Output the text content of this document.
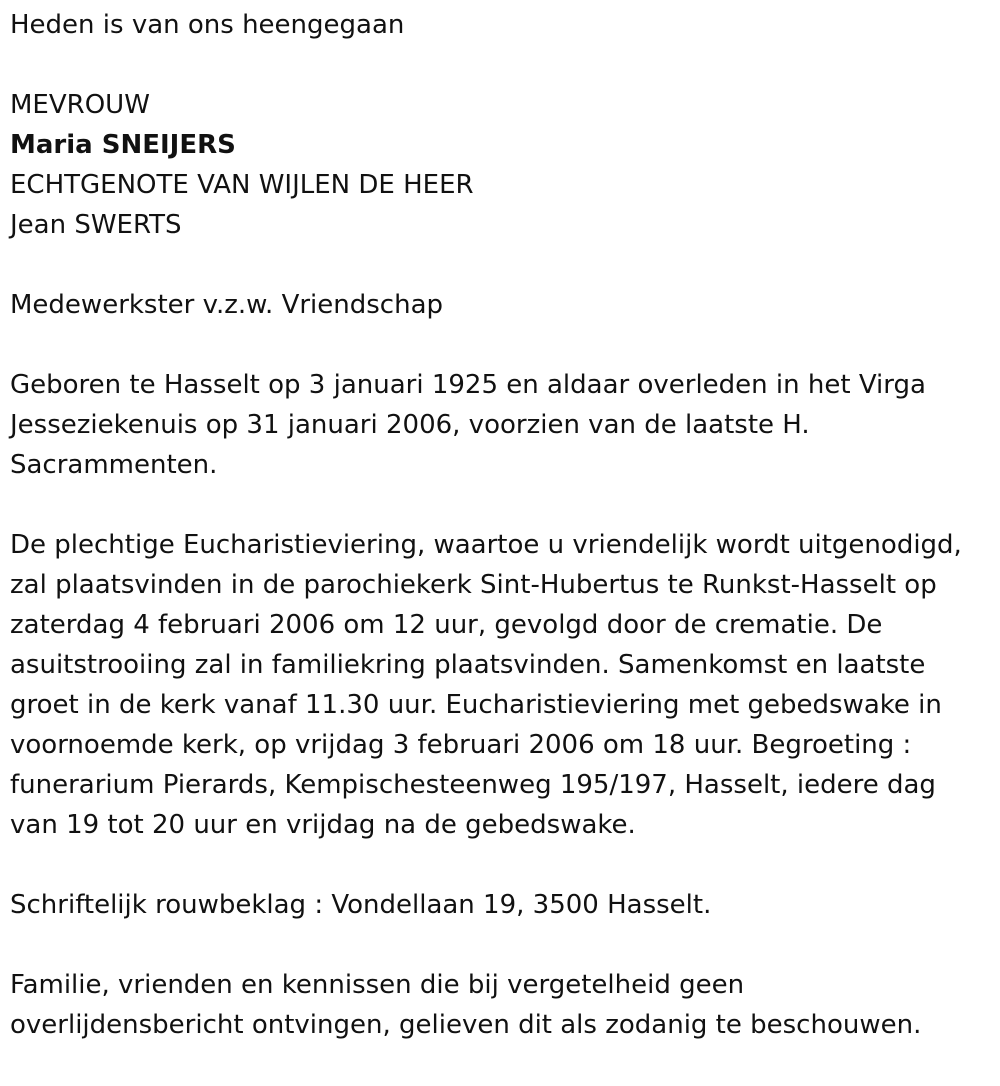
Heden is van ons heengegaan

MEVROUW

Maria SNEIJERS

ECHTGENOTE VAN WIJLEN DE HEER

Jean SWERTS

Medewerkster v.z.w. Vriendschap

Geboren te Hasselt op 3 januari 1925 en aldaar overleden in het Virga

Jesseziekenuis op 31 januari 2006, voorzien van de laatste H.

Sacrammenten.

De plechtige Eucharistieviering, waartoe u vriendelijk wordt uitgenodigd,

zal plaatsvinden in de parochiekerk Sint-Hubertus te Runkst-Hasselt op

zaterdag 4 februari 2006 om 12 uur, gevolgd door de crematie. De

asuitstrooiing zal in familiekring plaatsvinden. Samenkomst en laatste

groet in de kerk vanaf 11.30 uur. Eucharistieviering met gebedswake in

voornoemde kerk, op vrijdag 3 februari 2006 om 18 uur. Begroeting :

funerarium Pierards, Kempischesteenweg 195/197, Hasselt, iedere dag

van 19 tot 20 uur en vrijdag na de gebedswake.

Schriftelijk rouwbeklag : Vondellaan 19, 3500 Hasselt.

Familie, vrienden en kennissen die bij vergetelheid geen

overlijdensbericht ontvingen, gelieven dit als zodanig te beschouwen.
